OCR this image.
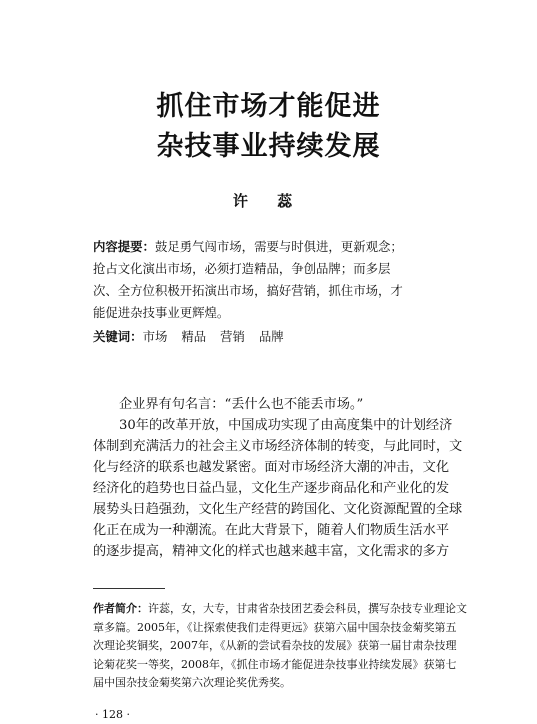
抓住市场才能促进
杂技事业持续发展
许 蕊
内容提要：鼓足勇气闯市场，需要与时俱进，更新观念；
抢占文化演出市场，必须打造精品，争创品牌；而多层
次、全方位积极开拓演出市场，搞好营销，抓住市场，才
能促进杂技事业更辉煌。
关键词：市场 精品 营销 品牌
企业界有句名言：“丢什么也不能丢市场。”
30年的改革开放，中国成功实现了由高度集中的计划经济
体制到充满活力的社会主义市场经济体制的转变，与此同时，文
化与经济的联系也越发紧密。面对市场经济大潮的冲击，文化
经济化的趋势也日益凸显，文化生产逐步商品化和产业化的发
展势头日趋强劲，文化生产经营的跨国化、文化资源配置的全球
化正在成为一种潮流。在此大背景下，随着人们物质生活水平
的逐步提高，精神文化的样式也越来越丰富，文化需求的多方
作者简介：许蕊，女，大专，甘肃省杂技团艺委会科员，撰写杂技专业理论文
章多篇。2005年，《让探索使我们走得更远》获第六届中国杂技金菊奖第五
次理论奖铜奖，2007年，《从新的尝试看杂技的发展》获第一届甘肃杂技理
论菊花奖一等奖，2008年，《抓住市场才能促进杂技事业持续发展》获第七
届中国杂技金菊奖第六次理论奖优秀奖。
· 128 ·
